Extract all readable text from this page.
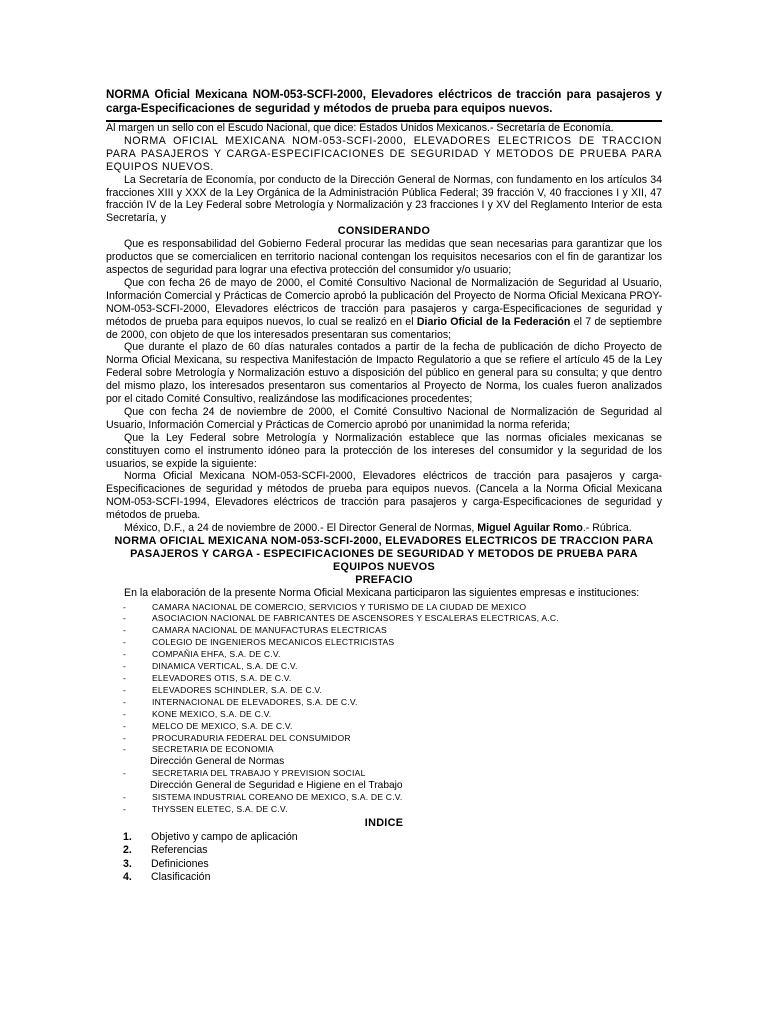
NORMA Oficial Mexicana NOM-053-SCFI-2000, Elevadores eléctricos de tracción para pasajeros y carga-Especificaciones de seguridad y métodos de prueba para equipos nuevos.

Al margen un sello con el Escudo Nacional, que dice: Estados Unidos Mexicanos.- Secretaría de Economía.

NORMA OFICIAL MEXICANA NOM-053-SCFI-2000, ELEVADORES ELECTRICOS DE TRACCION PARA PASAJEROS Y CARGA-ESPECIFICACIONES DE SEGURIDAD Y METODOS DE PRUEBA PARA EQUIPOS NUEVOS.

La Secretaría de Economía, por conducto de la Dirección General de Normas, con fundamento en los artículos 34 fracciones XIII y XXX de la Ley Orgánica de la Administración Pública Federal; 39 fracción V, 40 fracciones I y XII, 47 fracción IV de la Ley Federal sobre Metrología y Normalización y 23 fracciones I y XV del Reglamento Interior de esta Secretaría, y

CONSIDERANDO

Que es responsabilidad del Gobierno Federal procurar las medidas que sean necesarias para garantizar que los productos que se comercialicen en territorio nacional contengan los requisitos necesarios con el fin de garantizar los aspectos de seguridad para lograr una efectiva protección del consumidor y/o usuario;

Que con fecha 26 de mayo de 2000, el Comité Consultivo Nacional de Normalización de Seguridad al Usuario, Información Comercial y Prácticas de Comercio aprobó la publicación del Proyecto de Norma Oficial Mexicana PROY-NOM-053-SCFI-2000, Elevadores eléctricos de tracción para pasajeros y carga-Especificaciones de seguridad y métodos de prueba para equipos nuevos, lo cual se realizó en el Diario Oficial de la Federación el 7 de septiembre de 2000, con objeto de que los interesados presentaran sus comentarios;

Que durante el plazo de 60 días naturales contados a partir de la fecha de publicación de dicho Proyecto de Norma Oficial Mexicana, su respectiva Manifestación de Impacto Regulatorio a que se refiere el artículo 45 de la Ley Federal sobre Metrología y Normalización estuvo a disposición del público en general para su consulta; y que dentro del mismo plazo, los interesados presentaron sus comentarios al Proyecto de Norma, los cuales fueron analizados por el citado Comité Consultivo, realizándose las modificaciones procedentes;

Que con fecha 24 de noviembre de 2000, el Comité Consultivo Nacional de Normalización de Seguridad al Usuario, Información Comercial y Prácticas de Comercio aprobó por unanimidad la norma referida;

Que la Ley Federal sobre Metrología y Normalización establece que las normas oficiales mexicanas se constituyen como el instrumento idóneo para la protección de los intereses del consumidor y la seguridad de los usuarios, se expide la siguiente:

Norma Oficial Mexicana NOM-053-SCFI-2000, Elevadores eléctricos de tracción para pasajeros y carga-Especificaciones de seguridad y métodos de prueba para equipos nuevos. (Cancela a la Norma Oficial Mexicana NOM-053-SCFI-1994, Elevadores eléctricos de tracción para pasajeros y carga-Especificaciones de seguridad y métodos de prueba.

México, D.F., a 24 de noviembre de 2000.- El Director General de Normas, Miguel Aguilar Romo.- Rúbrica.

NORMA OFICIAL MEXICANA NOM-053-SCFI-2000, ELEVADORES ELECTRICOS DE TRACCION PARA PASAJEROS Y CARGA - ESPECIFICACIONES DE SEGURIDAD Y METODOS DE PRUEBA PARA EQUIPOS NUEVOS
PREFACIO

En la elaboración de la presente Norma Oficial Mexicana participaron las siguientes empresas e instituciones:

-	CAMARA NACIONAL DE COMERCIO, SERVICIOS Y TURISMO DE LA CIUDAD DE MEXICO
-	ASOCIACION NACIONAL DE FABRICANTES DE ASCENSORES Y ESCALERAS ELECTRICAS, A.C.
-	CAMARA NACIONAL DE MANUFACTURAS ELECTRICAS
-	COLEGIO DE INGENIEROS MECANICOS ELECTRICISTAS
-	COMPAÑIA EHFA, S.A. DE C.V.
-	DINAMICA VERTICAL, S.A. DE C.V.
-	ELEVADORES OTIS, S.A. DE C.V.
-	ELEVADORES SCHINDLER, S.A. DE C.V.
-	INTERNACIONAL DE ELEVADORES, S.A. DE C.V.
-	KONE MEXICO, S.A. DE C.V.
-	MELCO DE MEXICO, S.A. DE C.V.
-	PROCURADURIA FEDERAL DEL CONSUMIDOR
-	SECRETARIA DE ECONOMIA
Dirección General de Normas
-	SECRETARIA DEL TRABAJO Y PREVISION SOCIAL
Dirección General de Seguridad e Higiene en el Trabajo
-	SISTEMA INDUSTRIAL COREANO DE MEXICO, S.A. DE C.V.
-	THYSSEN ELETEC, S.A. DE C.V.
INDICE
1. Objetivo y campo de aplicación
2. Referencias
3. Definiciones
4. Clasificación
